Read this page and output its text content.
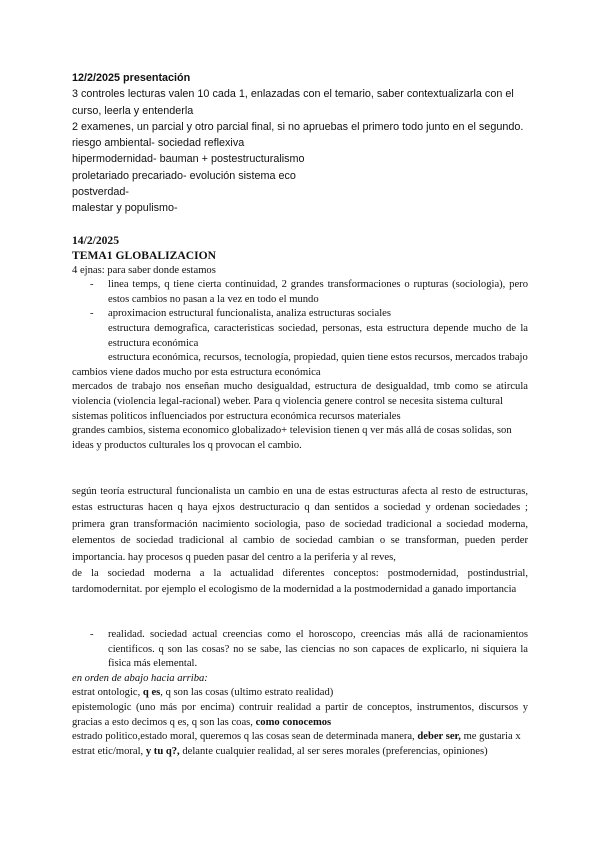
12/2/2025 presentación

3 controles lecturas valen 10 cada 1, enlazadas con el temario, saber contextualizarla con el curso, leerla y entenderla

2 examenes, un parcial y otro parcial final, si no apruebas el primero todo junto en el segundo.

riesgo ambiental- sociedad reflexiva

hipermodernidad- bauman + postestructuralismo

proletariado precariado- evolución sistema eco

postverdad-

malestar y populismo-

14/2/2025

TEMA1 GLOBALIZACION

4 ejnas: para saber donde estamos

- linea temps, q tiene cierta continuidad, 2 grandes transformaciones o rupturas (sociologia), pero estos cambios no pasan a la vez en todo el mundo
- aproximacion estructural funcionalista, analiza estructuras sociales

estructura demografica, caracteristicas sociedad, personas, esta estructura depende mucho de la estructura económica

estructura económica, recursos, tecnología, propiedad, quien tiene estos recursos, mercados trabajo

cambios viene dados mucho por esta estructura económica

mercados de trabajo nos enseñan mucho desigualdad, estructura de desigualdad, tmb como se atircula violencia (violencia legal-racional) weber. Para q violencia genere control se necesita sistema cultural

sistemas politicos influenciados por estructura económica recursos materiales

grandes cambios, sistema economico globalizado+ television tienen q ver más allá de cosas solidas, son ideas y productos culturales los q provocan el cambio.

según teoría estructural funcionalista un cambio en una de estas estructuras afecta al resto de estructuras, estas estructuras hacen q haya ejxos destructuracio q dan sentidos a sociedad y ordenan sociedades ; primera gran transformación nacimiento sociologia, paso de sociedad tradicional a sociedad moderna, elementos de sociedad tradicional al cambio de sociedad cambian o se transforman, pueden perder importancia. hay procesos q pueden pasar del centro a la periferia y al reves,

de la sociedad moderna a la actualidad diferentes conceptos: postmodernidad, postindustrial, tardomodernitat. por ejemplo el ecologismo de la modernidad a la postmodernidad a ganado importancia

- realidad. sociedad actual creencias como el horoscopo, creencias más allá de racionamientos cientificos. q son las cosas? no se sabe, las ciencias no son capaces de explicarlo, ni siquiera la fisica más elemental.

en orden de abajo hacia arriba:

estrat ontologic, q es, q son las cosas (ultimo estrato realidad)

epistemologic (uno más por encima) contruir realidad a partir de conceptos, instrumentos, discursos y gracias a esto decimos q es, q son las coas, como conocemos

estrado politico,estado moral, queremos q las cosas sean de determinada manera, deber ser, me gustaria x

estrat etic/moral, y tu q?, delante cualquier realidad, al ser seres morales (preferencias, opiniones)
